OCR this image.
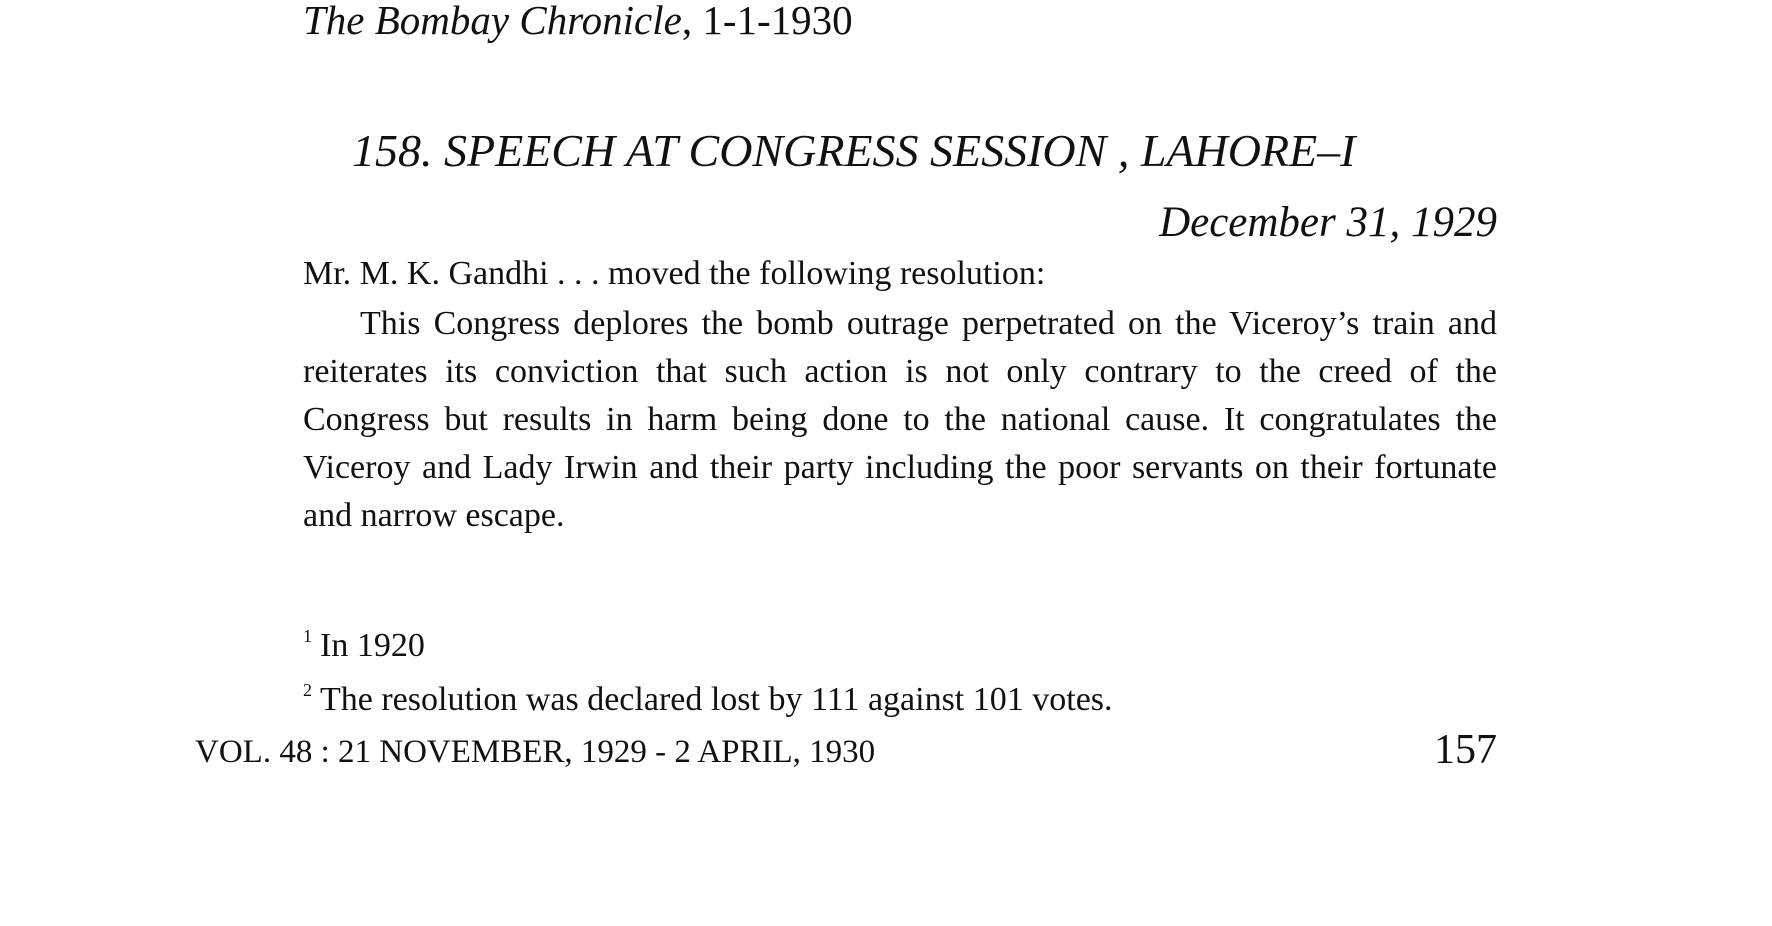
The Bombay Chronicle, 1-1-1930
158. SPEECH AT CONGRESS SESSION , LAHORE–I
December 31, 1929
Mr. M. K. Gandhi . . . moved the following resolution:

This Congress deplores the bomb outrage perpetrated on the Viceroy’s train and reiterates its conviction that such action is not only contrary to the creed of the Congress but results in harm being done to the national cause. It congratulates the Viceroy and Lady Irwin and their party including the poor servants on their fortunate and narrow escape.

$^1$ In 1920
$^2$ The resolution was declared lost by 111 against 101 votes.
VOL. 48 : 21 NOVEMBER, 1929 - 2 APRIL, 1930	157
